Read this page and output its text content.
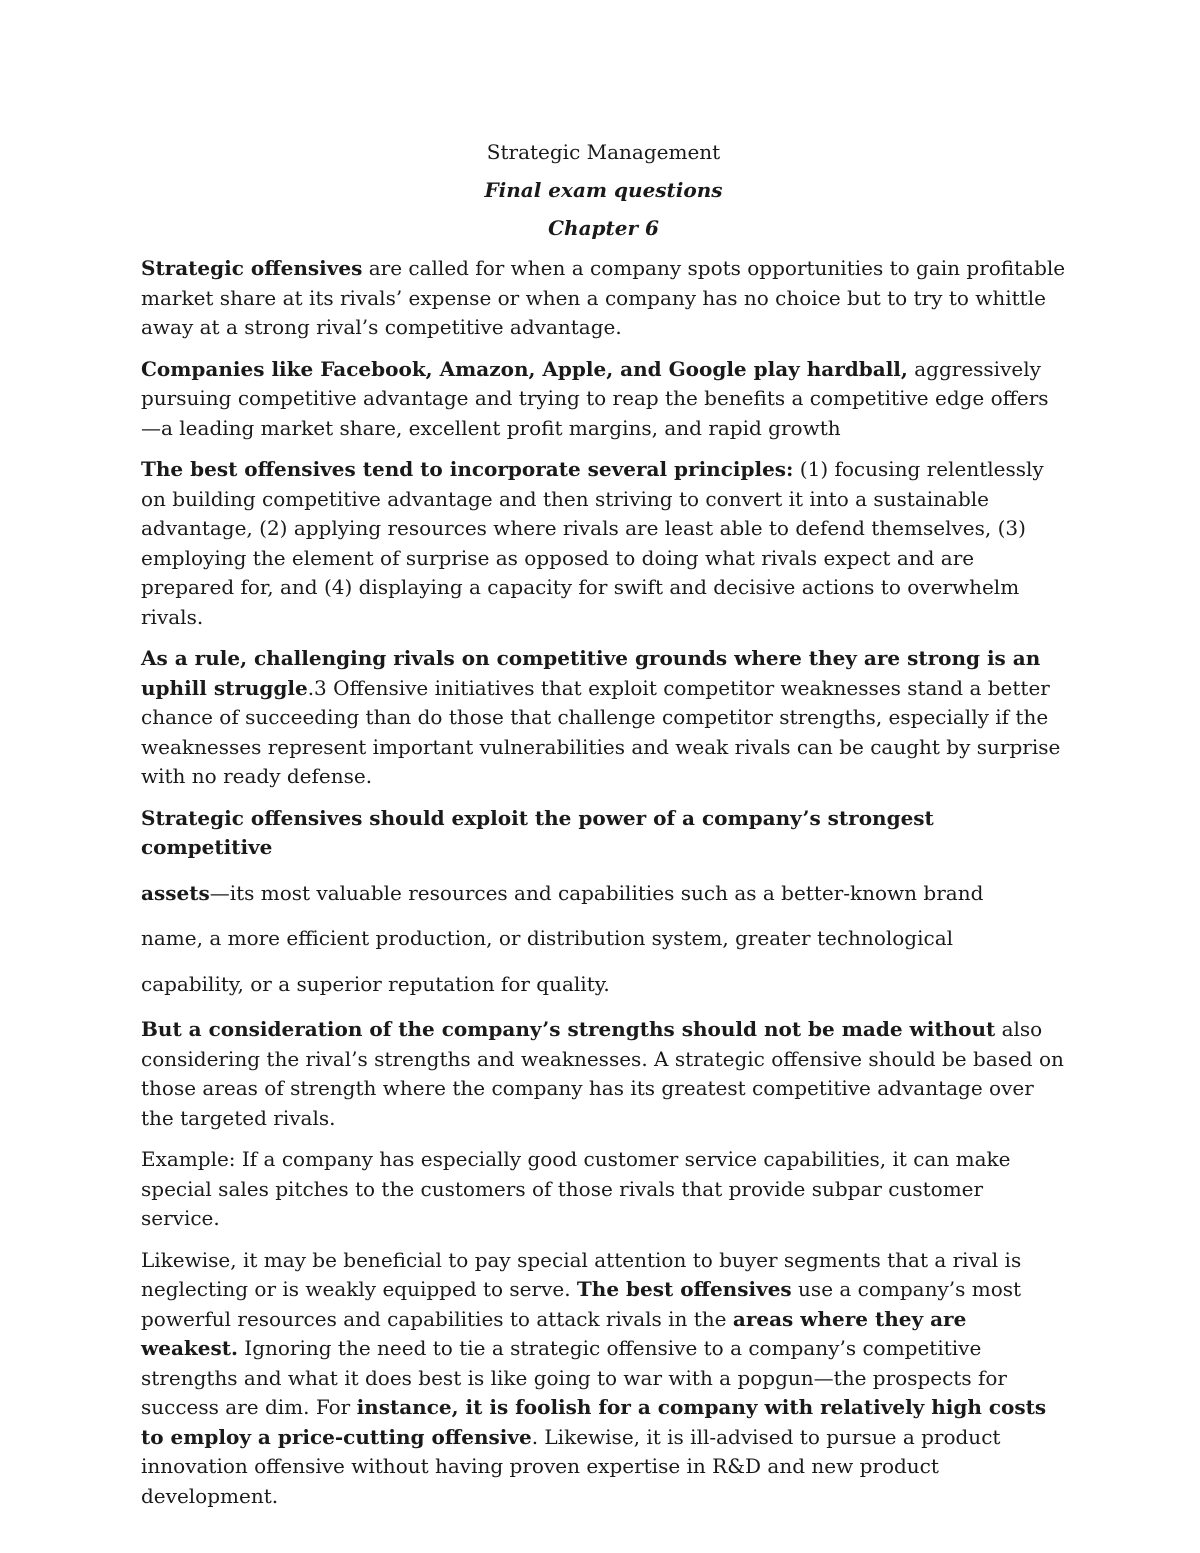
Strategic Management

Final exam questions

Chapter 6

Strategic offensives are called for when a company spots opportunities to gain profitable market share at its rivals’ expense or when a company has no choice but to try to whittle away at a strong rival’s competitive advantage.

Companies like Facebook, Amazon, Apple, and Google play hardball, aggressively pursuing competitive advantage and trying to reap the benefits a competitive edge offers—a leading market share, excellent profit margins, and rapid growth

The best offensives tend to incorporate several principles: (1) focusing relentlessly on building competitive advantage and then striving to convert it into a sustainable advantage, (2) applying resources where rivals are least able to defend themselves, (3) employing the element of surprise as opposed to doing what rivals expect and are prepared for, and (4) displaying a capacity for swift and decisive actions to overwhelm rivals.

As a rule, challenging rivals on competitive grounds where they are strong is an uphill struggle.3 Offensive initiatives that exploit competitor weaknesses stand a better chance of succeeding than do those that challenge competitor strengths, especially if the weaknesses represent important vulnerabilities and weak rivals can be caught by surprise with no ready defense.

Strategic offensives should exploit the power of a company’s strongest competitive

assets—its most valuable resources and capabilities such as a better-known brand

name, a more efficient production, or distribution system, greater technological

capability, or a superior reputation for quality.

But a consideration of the company’s strengths should not be made without also considering the rival’s strengths and weaknesses. A strategic offensive should be based on those areas of strength where the company has its greatest competitive advantage over the targeted rivals.

Example: If a company has especially good customer service capabilities, it can make special sales pitches to the customers of those rivals that provide subpar customer service.

Likewise, it may be beneficial to pay special attention to buyer segments that a rival is neglecting or is weakly equipped to serve. The best offensives use a company’s most powerful resources and capabilities to attack rivals in the areas where they are weakest. Ignoring the need to tie a strategic offensive to a company’s competitive strengths and what it does best is like going to war with a popgun—the prospects for success are dim. For instance, it is foolish for a company with relatively high costs to employ a price-cutting offensive. Likewise, it is ill-advised to pursue a product innovation offensive without having proven expertise in R&D and new product development.
